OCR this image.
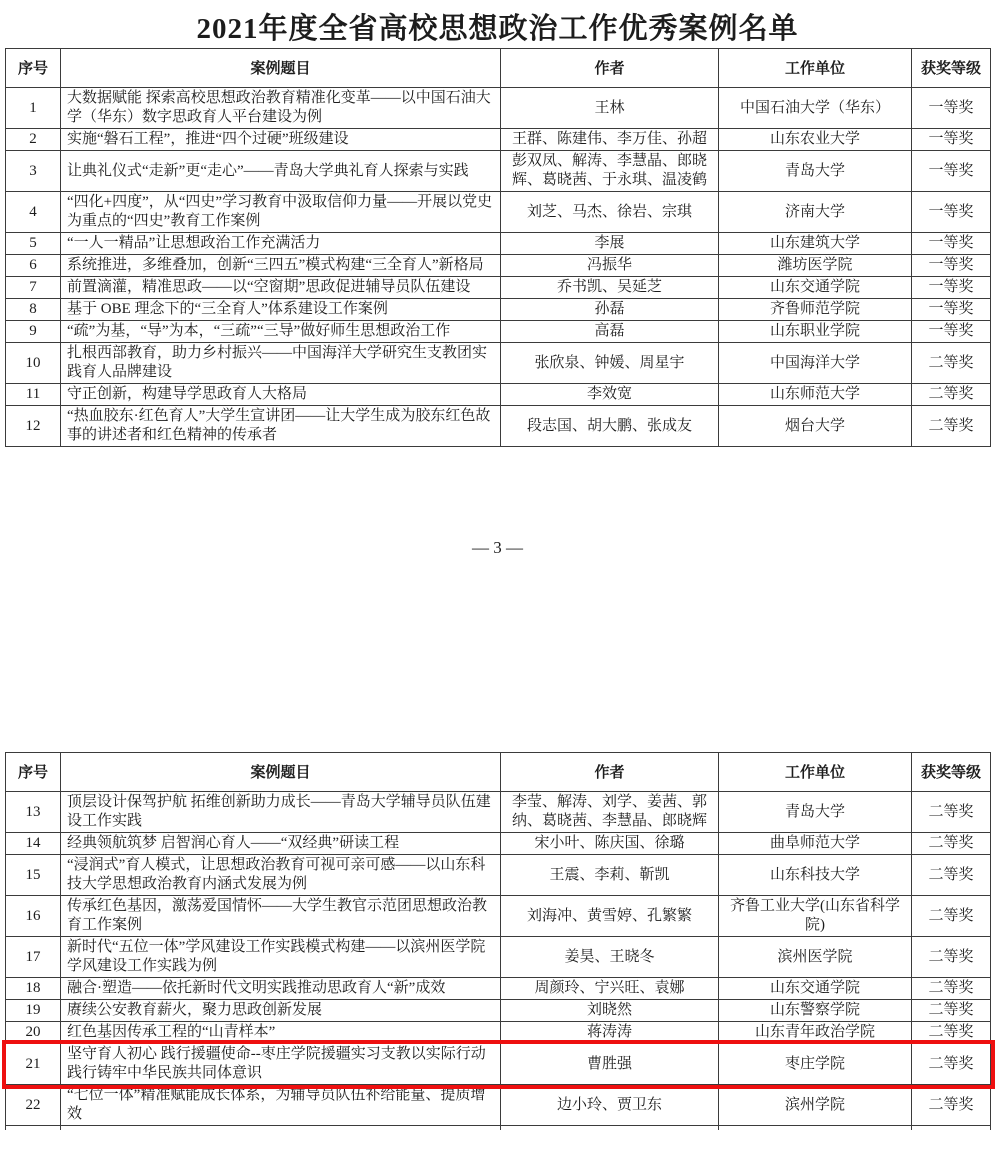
2021年度全省高校思想政治工作优秀案例名单
序号	案例题目	作者	工作单位	获奖等级
1	大数据赋能 探索高校思想政治教育精准化变革——以中国石油大学（华东）数字思政育人平台建设为例	王林	中国石油大学（华东）	一等奖
2	实施“磐石工程”，推进“四个过硬”班级建设	王群、陈建伟、李万佳、孙超	山东农业大学	一等奖
3	让典礼仪式“走新”更“走心”——青岛大学典礼育人探索与实践	彭双凤、解涛、李慧晶、郎晓辉、葛晓茜、于永琪、温凌鹤	青岛大学	一等奖
4	“四化+四度”，从“四史”学习教育中汲取信仰力量——开展以党史为重点的“四史”教育工作案例	刘芝、马杰、徐岩、宗琪	济南大学	一等奖
5	“一人一精品”让思想政治工作充满活力	李展	山东建筑大学	一等奖
6	系统推进，多维叠加，创新“三四五”模式构建“三全育人”新格局	冯振华	潍坊医学院	一等奖
7	前置滴灌，精准思政——以“空窗期”思政促进辅导员队伍建设	乔书凯、吴延芝	山东交通学院	一等奖
8	基于 OBE 理念下的“三全育人”体系建设工作案例	孙磊	齐鲁师范学院	一等奖
9	“疏”为基，“导”为本，“三疏”“三导”做好师生思想政治工作	高磊	山东职业学院	一等奖
10	扎根西部教育，助力乡村振兴——中国海洋大学研究生支教团实践育人品牌建设	张欣泉、钟媛、周星宇	中国海洋大学	二等奖
11	守正创新，构建导学思政育人大格局	李效宽	山东师范大学	二等奖
12	“热血胶东·红色育人”大学生宣讲团——让大学生成为胶东红色故事的讲述者和红色精神的传承者	段志国、胡大鹏、张成友	烟台大学	二等奖
— 3 —
序号	案例题目	作者	工作单位	获奖等级
13	顶层设计保驾护航 拓维创新助力成长——青岛大学辅导员队伍建设工作实践	李莹、解涛、刘学、姜茜、郭纳、葛晓茜、李慧晶、郎晓辉	青岛大学	二等奖
14	经典领航筑梦 启智润心育人——“双经典”研读工程	宋小叶、陈庆国、徐璐	曲阜师范大学	二等奖
15	“浸润式”育人模式，让思想政治教育可视可亲可感——以山东科技大学思想政治教育内涵式发展为例	王震、李莉、靳凯	山东科技大学	二等奖
16	传承红色基因，激荡爱国情怀——大学生教官示范团思想政治教育工作案例	刘海冲、黄雪婷、孔繁繁	齐鲁工业大学(山东省科学院)	二等奖
17	新时代“五位一体”学风建设工作实践模式构建——以滨州医学院学风建设工作实践为例	姜昊、王晓冬	滨州医学院	二等奖
18	融合·塑造——依托新时代文明实践推动思政育人“新”成效	周颜玲、宁兴旺、袁娜	山东交通学院	二等奖
19	赓续公安教育薪火，聚力思政创新发展	刘晓然	山东警察学院	二等奖
20	红色基因传承工程的“山青样本”	蒋涛涛	山东青年政治学院	二等奖
21	坚守育人初心 践行援疆使命--枣庄学院援疆实习支教以实际行动践行铸牢中华民族共同体意识	曹胜强	枣庄学院	二等奖
22	“七位一体”精准赋能成长体系，为辅导员队伍补给能量、提质增效	边小玲、贾卫东	滨州学院	二等奖
